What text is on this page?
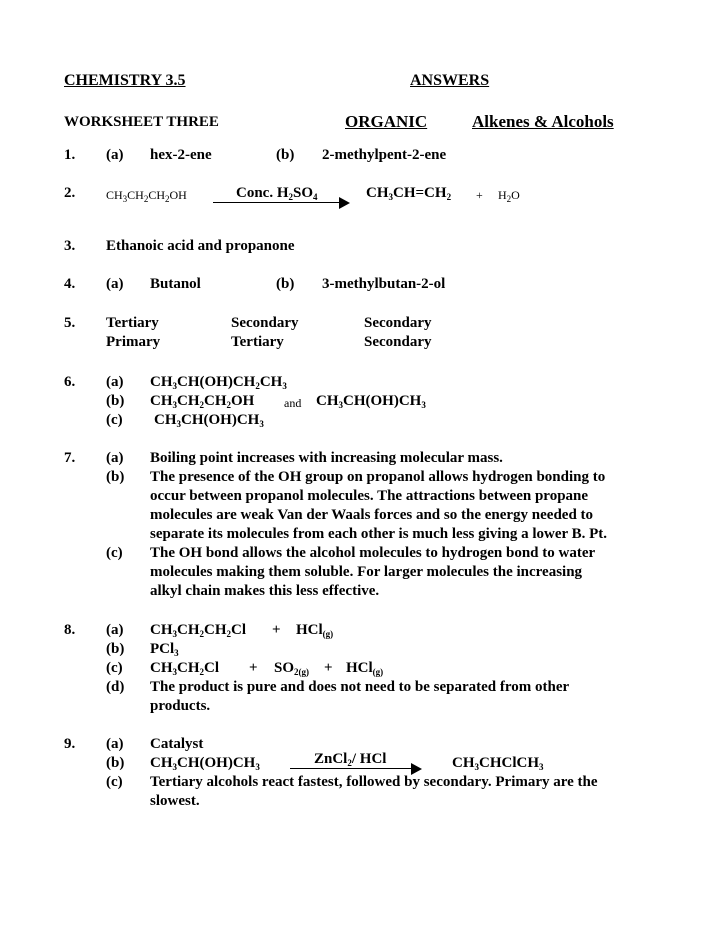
CHEMISTRY 3.5	ANSWERS
WORKSHEET THREE	ORGANIC	Alkenes & Alcohols
1. (a) hex-2-ene	(b) 2-methylpent-2-ene
2.	$CH_3CH_2CH_2OH$	Conc. $H_2SO_4$	$CH_3CH=CH_2 + H_2O$
3. Ethanoic acid and propanone
4. (a) Butanol	(b) 3-methylbutan-2-ol
5. Tertiary	Secondary	Secondary
Primary	Tertiary	Secondary
6. (a) $CH_3CH(OH)CH_2CH_3$
(b) $CH_3CH_2CH_2OH$ and $CH_3CH(OH)CH_3$
(c) $CH_3CH(OH)CH_3$
7. (a) Boiling point increases with increasing molecular mass.
(b) The presence of the OH group on propanol allows hydrogen bonding to
occur between propanol molecules. The attractions between propane
molecules are weak Van der Waals forces and so the energy needed to
separate its molecules from each other is much less giving a lower B. Pt.
(c) The OH bond allows the alcohol molecules to hydrogen bond to water
molecules making them soluble. For larger molecules the increasing
alkyl chain makes this less effective.
8. (a) $CH_3CH_2CH_2Cl + HCl_{(g)}$
(b) PCl$_3$
(c) $CH_3CH_2Cl + SO_{2(g)} + HCl_{(g)}$
(d) The product is pure and does not need to be separated from other
products.
9. (a) Catalyst
(b) $CH_3CH(OH)CH_3$	ZnCl$_2$/ HCl	$CH_3CHClCH_3$
(c) Tertiary alcohols react fastest, followed by secondary. Primary are the
slowest.
